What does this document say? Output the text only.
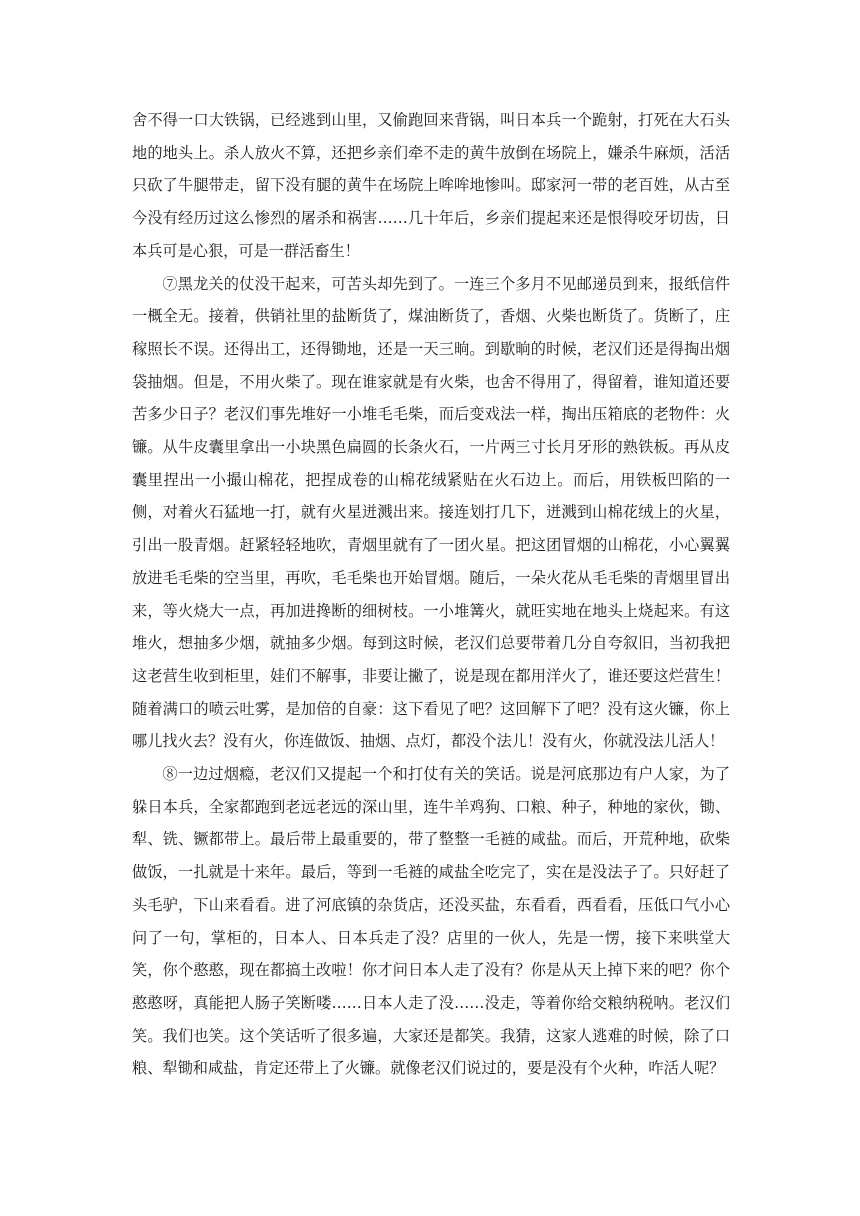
舍不得一口大铁锅，已经逃到山里，又偷跑回来背锅，叫日本兵一个跪射，打死在大石头地的地头上。杀人放火不算，还把乡亲们牵不走的黄牛放倒在场院上，嫌杀牛麻烦，活活只砍了牛腿带走，留下没有腿的黄牛在场院上哞哞地惨叫。邸家河一带的老百姓，从古至今没有经历过这么惨烈的屠杀和祸害……几十年后，乡亲们提起来还是恨得咬牙切齿，日本兵可是心狠，可是一群活畜生！

⑦黑龙关的仗没干起来，可苦头却先到了。一连三个多月不见邮递员到来，报纸信件一概全无。接着，供销社里的盐断货了，煤油断货了，香烟、火柴也断货了。货断了，庄稼照长不误。还得出工，还得锄地，还是一天三晌。到歇晌的时候，老汉们还是得掏出烟袋抽烟。但是，不用火柴了。现在谁家就是有火柴，也舍不得用了，得留着，谁知道还要苦多少日子？老汉们事先堆好一小堆毛毛柴，而后变戏法一样，掏出压箱底的老物件：火镰。从牛皮囊里拿出一小块黑色扁圆的长条火石，一片两三寸长月牙形的熟铁板。再从皮囊里捏出一小撮山棉花，把捏成卷的山棉花绒紧贴在火石边上。而后，用铁板凹陷的一侧，对着火石猛地一打，就有火星迸溅出来。接连划打几下，迸溅到山棉花绒上的火星，引出一股青烟。赶紧轻轻地吹，青烟里就有了一团火星。把这团冒烟的山棉花，小心翼翼放进毛毛柴的空当里，再吹，毛毛柴也开始冒烟。随后，一朵火花从毛毛柴的青烟里冒出来，等火烧大一点，再加进搀断的细树枝。一小堆篝火，就旺实地在地头上烧起来。有这堆火，想抽多少烟，就抽多少烟。每到这时候，老汉们总要带着几分自夸叙旧，当初我把这老营生收到柜里，娃们不解事，非要让撇了，说是现在都用洋火了，谁还要这烂营生！随着满口的喷云吐雾，是加倍的自豪：这下看见了吧？这回解下了吧？没有这火镰，你上哪儿找火去？没有火，你连做饭、抽烟、点灯，都没个法儿！没有火，你就没法儿活人！

⑧一边过烟瘾，老汉们又提起一个和打仗有关的笑话。说是河底那边有户人家，为了躲日本兵，全家都跑到老远老远的深山里，连牛羊鸡狗、口粮、种子，种地的家伙，锄、犁、铣、镢都带上。最后带上最重要的，带了整整一毛裢的咸盐。而后，开荒种地，砍柴做饭，一扎就是十来年。最后，等到一毛裢的咸盐全吃完了，实在是没法子了。只好赶了头毛驴，下山来看看。进了河底镇的杂货店，还没买盐，东看看，西看看，压低口气小心问了一句，掌柜的，日本人、日本兵走了没？店里的一伙人，先是一愣，接下来哄堂大笑，你个憨憨，现在都搞土改啦！你才问日本人走了没有？你是从天上掉下来的吧？你个憨憨呀，真能把人肠子笑断喽……日本人走了没……没走，等着你给交粮纳税呐。老汉们笑。我们也笑。这个笑话听了很多遍，大家还是都笑。我猜，这家人逃难的时候，除了口粮、犁锄和咸盐，肯定还带上了火镰。就像老汉们说过的，要是没有个火种，咋活人呢？
